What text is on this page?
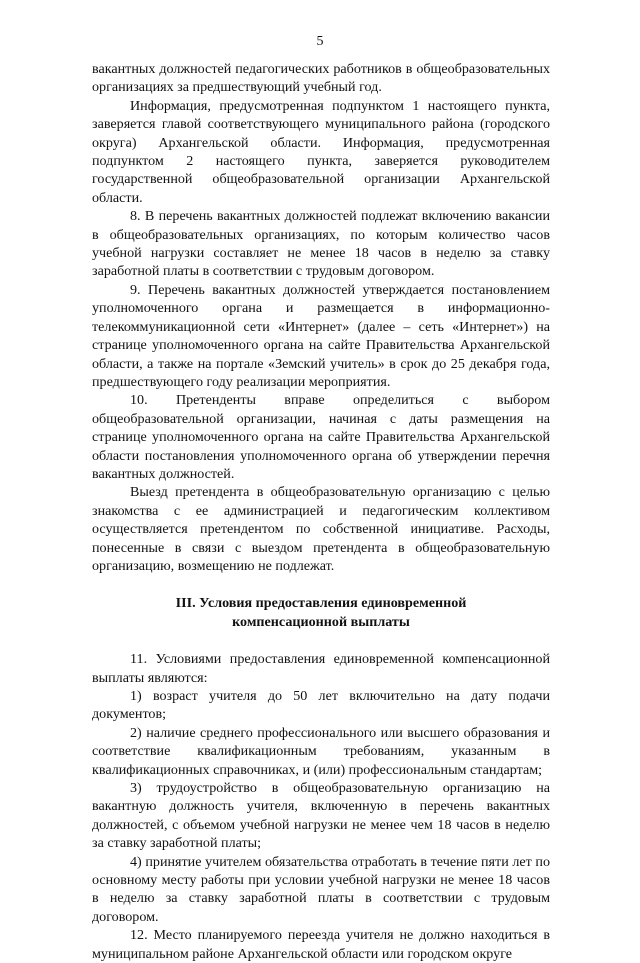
5

вакантных должностей педагогических работников в общеобразовательных организациях за предшествующий учебный год.

Информация, предусмотренная подпунктом 1 настоящего пункта, заверяется главой соответствующего муниципального района (городского округа) Архангельской области. Информация, предусмотренная подпунктом 2 настоящего пункта, заверяется руководителем государственной общеобразовательной организации Архангельской области.

8. В перечень вакантных должностей подлежат включению вакансии в общеобразовательных организациях, по которым количество часов учебной нагрузки составляет не менее 18 часов в неделю за ставку заработной платы в соответствии с трудовым договором.

9. Перечень вакантных должностей утверждается постановлением уполномоченного органа и размещается в информационно-телекоммуникационной сети «Интернет» (далее – сеть «Интернет») на странице уполномоченного органа на сайте Правительства Архангельской области, а также на портале «Земский учитель» в срок до 25 декабря года, предшествующего году реализации мероприятия.

10. Претенденты вправе определиться с выбором общеобразовательной организации, начиная с даты размещения на странице уполномоченного органа на сайте Правительства Архангельской области постановления уполномоченного органа об утверждении перечня вакантных должностей.

Выезд претендента в общеобразовательную организацию с целью знакомства с ее администрацией и педагогическим коллективом осуществляется претендентом по собственной инициативе. Расходы, понесенные в связи с выездом претендента в общеобразовательную организацию, возмещению не подлежат.

III. Условия предоставления единовременной
компенсационной выплаты

11. Условиями предоставления единовременной компенсационной выплаты являются:

1) возраст учителя до 50 лет включительно на дату подачи документов;

2) наличие среднего профессионального или высшего образования и соответствие квалификационным требованиям, указанным в квалификационных справочниках, и (или) профессиональным стандартам;

3) трудоустройство в общеобразовательную организацию на вакантную должность учителя, включенную в перечень вакантных должностей, с объемом учебной нагрузки не менее чем 18 часов в неделю за ставку заработной платы;

4) принятие учителем обязательства отработать в течение пяти лет по основному месту работы при условии учебной нагрузки не менее 18 часов в неделю за ставку заработной платы в соответствии с трудовым договором.

12. Место планируемого переезда учителя не должно находиться в муниципальном районе Архангельской области или городском округе
